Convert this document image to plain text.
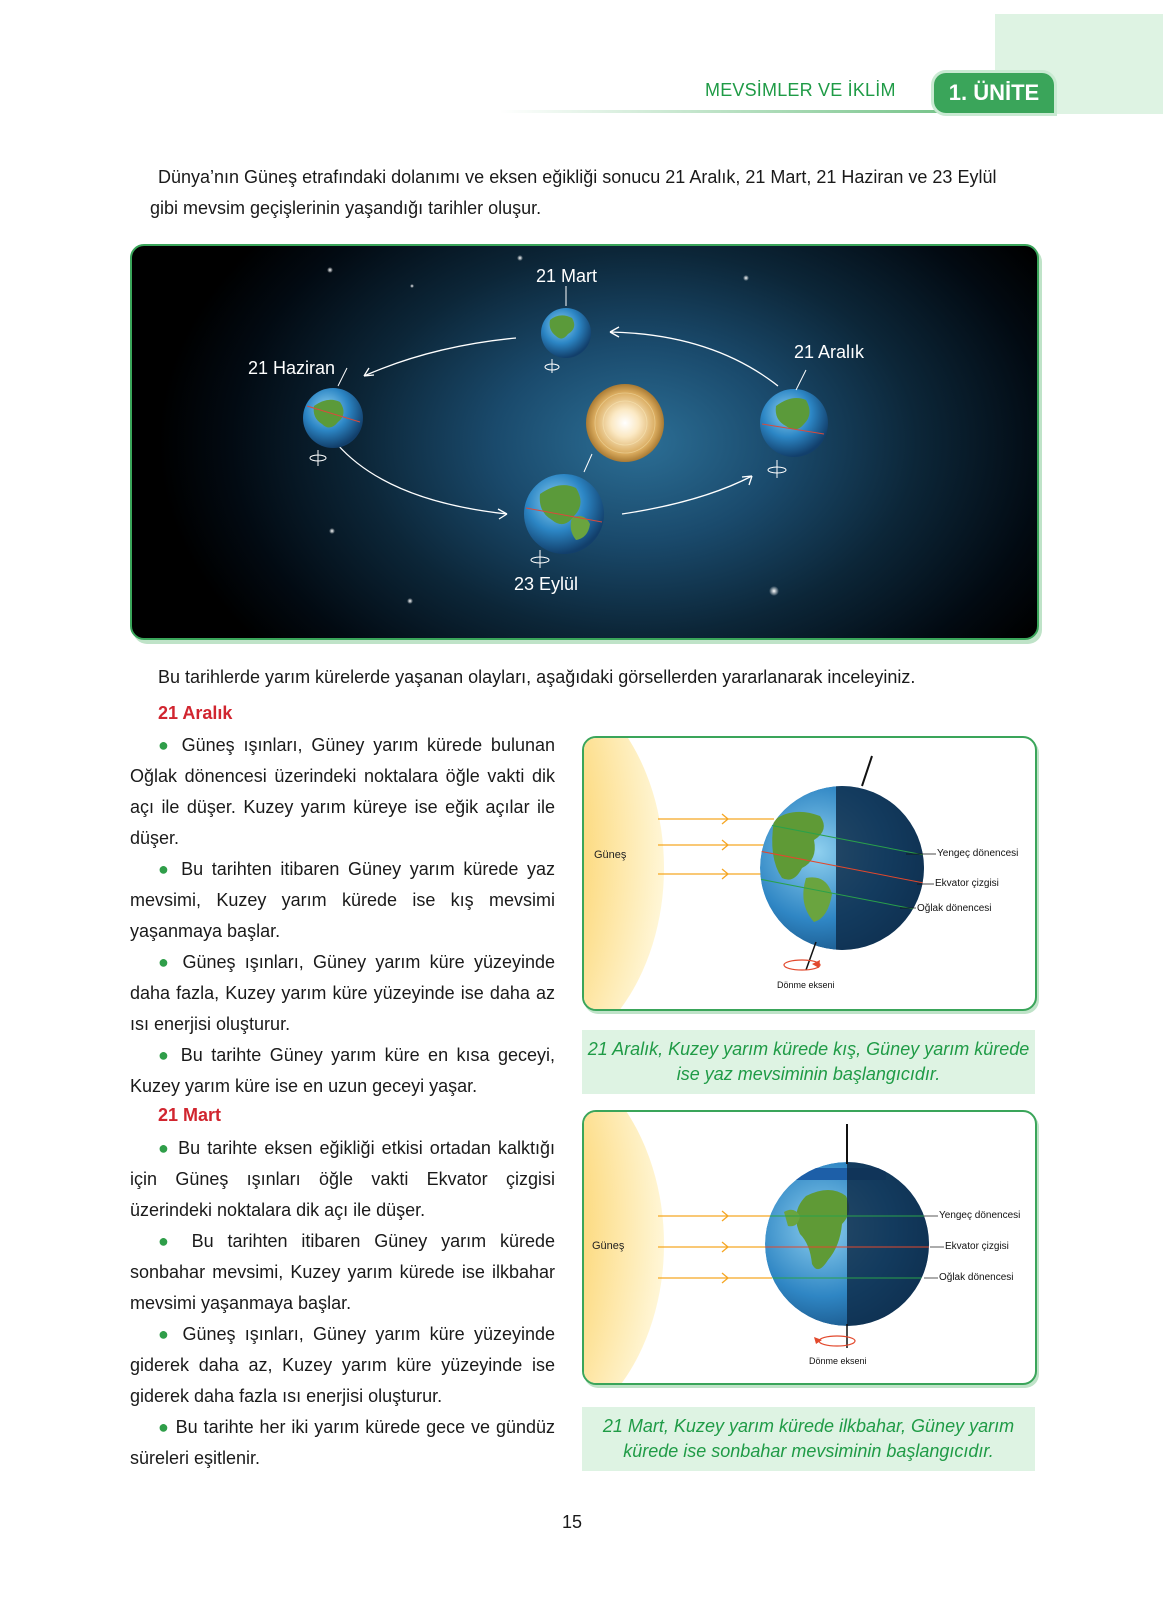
MEVSİMLER VE İKLİM	1. ÜNİTE
Dünya’nın Güneş etrafındaki dolanımı ve eksen eğikliği sonucu 21 Aralık, 21 Mart, 21 Haziran ve 23 Eylül gibi mevsim geçişlerinin yaşandığı tarihler oluşur.
21 Mart
21 Haziran
21 Aralık
23 Eylül
Bu tarihlerde yarım kürelerde yaşanan olayları, aşağıdaki görsellerden yararlanarak inceleyiniz.
21 Aralık
● Güneş ışınları, Güney yarım kürede bulunan Oğlak dönencesi üzerindeki noktalara öğle vakti dik açı ile düşer. Kuzey yarım küreye ise eğik açılar ile düşer.
● Bu tarihten itibaren Güney yarım kürede yaz mevsimi, Kuzey yarım kürede ise kış mevsimi yaşanmaya başlar.
● Güneş ışınları, Güney yarım küre yüzeyinde daha fazla, Kuzey yarım küre yüzeyinde ise daha az ısı enerjisi oluşturur.
● Bu tarihte Güney yarım küre en kısa geceyi, Kuzey yarım küre ise en uzun geceyi yaşar.
21 Mart
● Bu tarihte eksen eğikliği etkisi ortadan kalktığı için Güneş ışınları öğle vakti Ekvator çizgisi üzerindeki noktalara dik açı ile düşer.
● Bu tarihten itibaren Güney yarım kürede sonbahar mevsimi, Kuzey yarım kürede ise ilkbahar mevsimi yaşanmaya başlar.
● Güneş ışınları, Güney yarım küre yüzeyinde giderek daha az, Kuzey yarım küre yüzeyinde ise giderek daha fazla ısı enerjisi oluşturur.
● Bu tarihte her iki yarım kürede gece ve gündüz süreleri eşitlenir.
Güneş	Yengeç dönencesi
Ekvator çizgisi
Oğlak dönencesi
Dönme ekseni
21 Aralık, Kuzey yarım kürede kış, Güney yarım kürede ise yaz mevsiminin başlangıcıdır.
Güneş
Yengeç dönencesi
Ekvator çizgisi
Oğlak dönencesi
Dönme ekseni
21 Mart, Kuzey yarım kürede ilkbahar, Güney yarım kürede ise sonbahar mevsiminin başlangıcıdır.
15
